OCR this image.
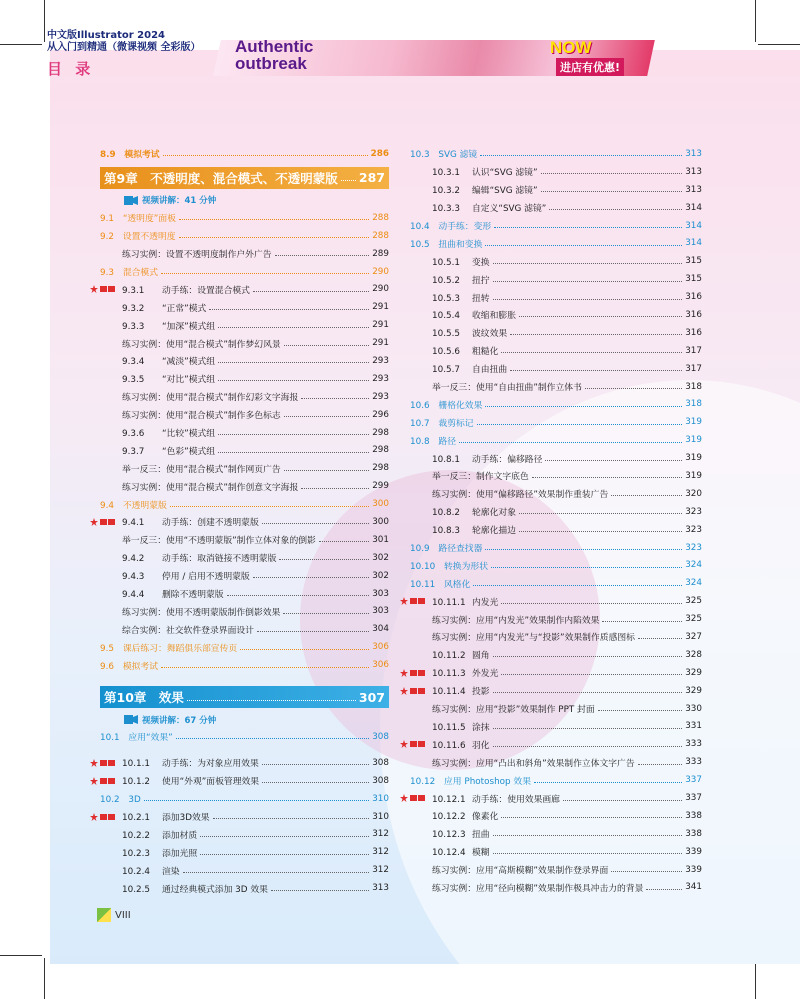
中文版Illustrator 2024
从入门到精通（微课视频 全彩版）
目 录
Authentic
outbreak
NOW
进店有优惠!
8.9　 模拟考试	286
第9章　不透明度、混合模式、不透明蒙版 287
视频讲解：41 分钟
9.1　 “透明度”面板	288
9.2　 设置不透明度	288
练习实例：设置不透明度制作户外广告	289
9.3　 混合模式	290
9.3.1 动手练：设置混合模式	290
9.3.2 “正常”模式	291
9.3.3 “加深”模式组	291
练习实例：使用“混合模式”制作梦幻风景	291
9.3.4 “减淡”模式组	293
9.3.5 “对比”模式组	293
练习实例：使用“混合模式”制作幻彩文字海报	293
练习实例：使用“混合模式”制作多色标志	296
9.3.6 “比较”模式组	298
9.3.7 “色彩”模式组	298
举一反三：使用“混合模式”制作网页广告	298
练习实例：使用“混合模式”制作创意文字海报	299
9.4　 不透明蒙版	300
9.4.1 动手练：创建不透明蒙版	300
举一反三：使用“不透明蒙版”制作立体对象的倒影	301
9.4.2 动手练：取消链接不透明蒙版	302
9.4.3 停用 / 启用不透明蒙版	302
9.4.4 删除不透明蒙版	303
练习实例：使用不透明蒙版制作倒影效果	303
综合实例：社交软件登录界面设计	304
9.5　 课后练习：舞蹈俱乐部宣传页	306
9.6　 模拟考试	306
第10章　效果	307
视频讲解：67 分钟
10.1　 应用“效果”	308
10.1.1 动手练：为对象应用效果	308
10.1.2 使用“外观”面板管理效果	308
10.2　 3D	310
10.2.1 添加3D效果	310
10.2.2 添加材质	312
10.2.3 添加光照	312
10.2.4 渲染	312
10.2.5 通过经典模式添加 3D 效果	313
10.3　 SVG 滤镜	313
10.3.1 认识“SVG 滤镜”	313
10.3.2 编辑“SVG 滤镜”	313
10.3.3 自定义“SVG 滤镜”	314
10.4　 动手练：变形	314
10.5　 扭曲和变换	314
10.5.1 变换	315
10.5.2 扭拧	315
10.5.3 扭转	316
10.5.4 收缩和膨胀	316
10.5.5 波纹效果	316
10.5.6 粗糙化	317
10.5.7 自由扭曲	317
举一反三：使用“自由扭曲”制作立体书	318
10.6　 栅格化效果	318
10.7　 裁剪标记	319
10.8　 路径	319
10.8.1 动手练：偏移路径	319
举一反三：制作文字底色	319
练习实例：使用“偏移路径”效果制作重装广告	320
10.8.2 轮廓化对象	323
10.8.3 轮廓化描边	323
10.9　 路径查找器	323
10.10　 转换为形状	324
10.11　 风格化	324
10.11.1 内发光	325
练习实例：应用“内发光”效果制作内陷效果	325
练习实例：应用“内发光”与“投影”效果制作质感图标	327
10.11.2 圆角	328
10.11.3 外发光	329
10.11.4 投影	329
练习实例：应用“投影”效果制作 PPT 封面	330
10.11.5 涂抹	331
10.11.6 羽化	333
练习实例：应用“凸出和斜角”效果制作立体文字广告	333
10.12　 应用 Photoshop 效果	337
10.12.1 动手练：使用效果画廊	337
10.12.2 像素化	338
10.12.3 扭曲	338
10.12.4 模糊	339
练习实例：应用“高斯模糊”效果制作登录界面	339
练习实例：应用“径向模糊”效果制作极具冲击力的背景	341
VIII
